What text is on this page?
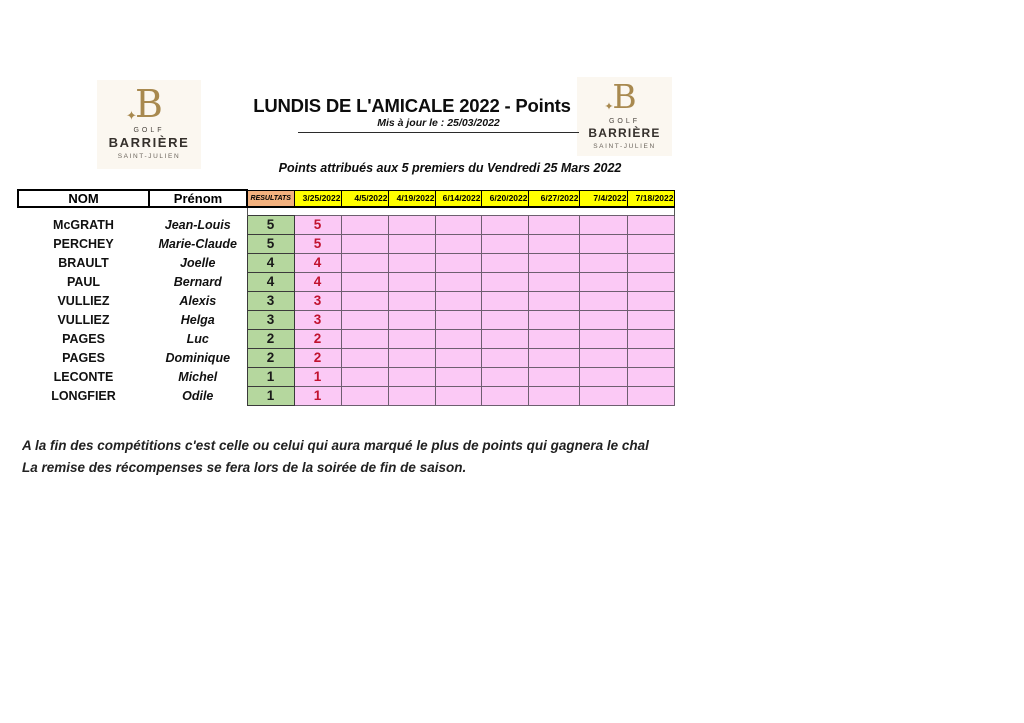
B
✦
GOLF
BARRIÈRE
SAINT-JULIEN
B
✦
GOLF
BARRIÈRE
SAINT-JULIEN
LUNDIS DE L'AMICALE 2022 - Points
Mis à jour le : 25/03/2022
Points attribués aux 5 premiers du Vendredi 25 Mars 2022
NOM	Prénom	RESULTATS	3/25/2022	4/5/2022	4/19/2022	6/14/2022	6/20/2022	6/27/2022	7/4/2022	7/18/2022

McGRATH	Jean-Louis	5	5							
PERCHEY	Marie-Claude	5	5							
BRAULT	Joelle	4	4							
PAUL	Bernard	4	4							
VULLIEZ	Alexis	3	3							
VULLIEZ	Helga	3	3							
PAGES	Luc	2	2							
PAGES	Dominique	2	2							
LECONTE	Michel	1	1							
LONGFIER	Odile	1	1							
A la fin des compétitions c'est celle ou celui qui aura marqué le plus de points qui gagnera le chal
La remise des récompenses se fera lors de la soirée de fin de saison.
